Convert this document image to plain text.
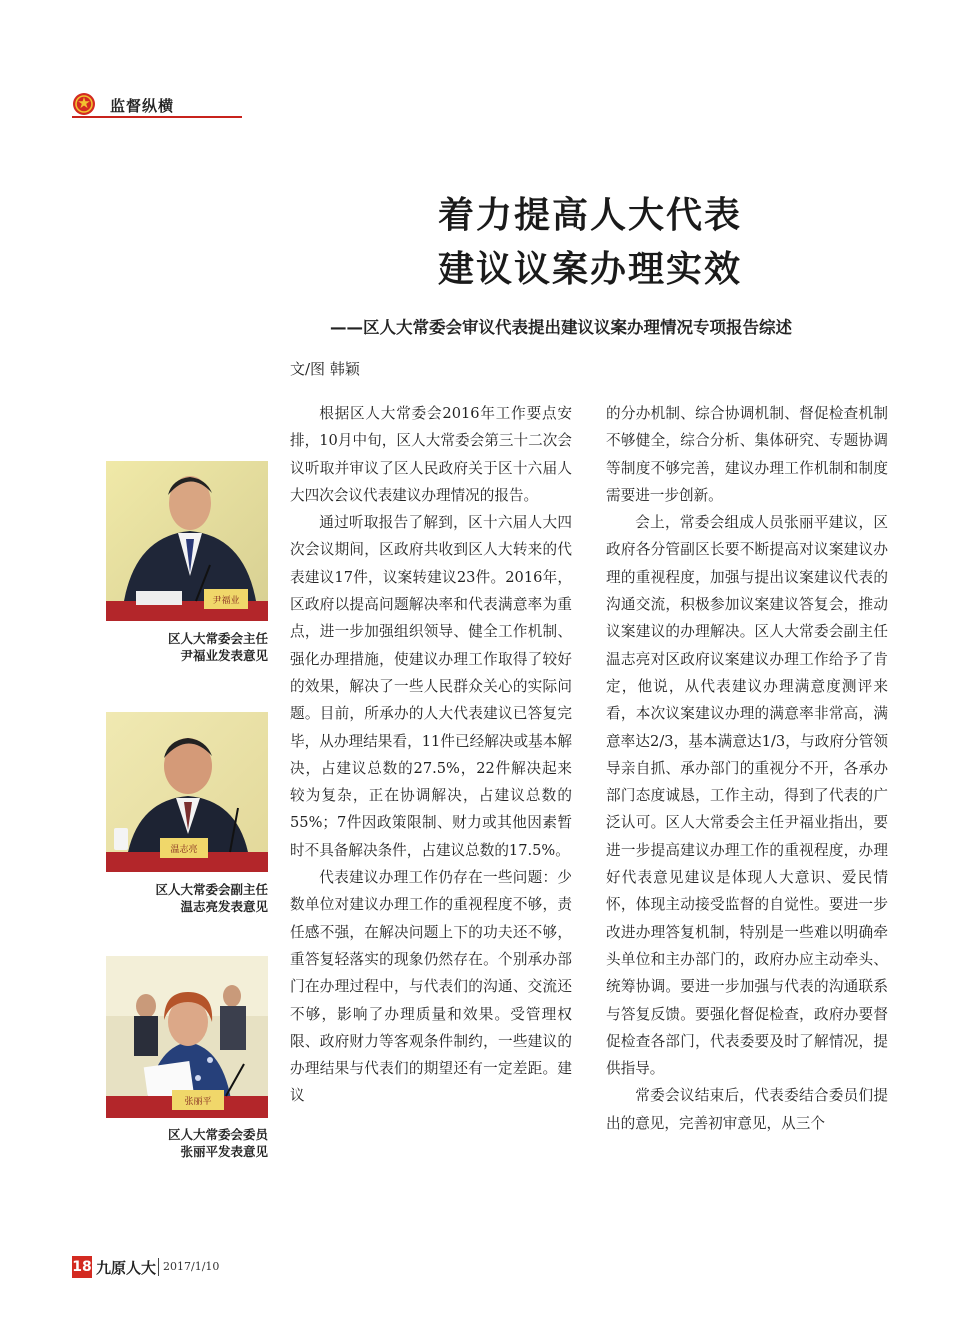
监督纵横
着力提高人大代表
建议议案办理实效
——区人大常委会审议代表提出建议议案办理情况专项报告综述
文/图 韩颖
尹福业
区人大常委会主任
尹福业发表意见
温志亮
区人大常委会副主任
温志亮发表意见
张丽平
区人大常委会委员
张丽平发表意见

根据区人大常委会2016年工作要点安排，10月中旬，区人大常委会第三十二次会议听取并审议了区人民政府关于区十六届人大四次会议代表建议办理情况的报告。

通过听取报告了解到，区十六届人大四次会议期间，区政府共收到区人大转来的代表建议17件，议案转建议23件。2016年，区政府以提高问题解决率和代表满意率为重点，进一步加强组织领导、健全工作机制、强化办理措施，使建议办理工作取得了较好的效果，解决了一些人民群众关心的实际问题。目前，所承办的人大代表建议已答复完毕，从办理结果看，11件已经解决或基本解决，占建议总数的27.5%，22件解决起来较为复杂，正在协调解决，占建议总数的55%；7件因政策限制、财力或其他因素暂时不具备解决条件，占建议总数的17.5%。

代表建议办理工作仍存在一些问题：少数单位对建议办理工作的重视程度不够，责任感不强，在解决问题上下的功夫还不够，重答复轻落实的现象仍然存在。个别承办部门在办理过程中，与代表们的沟通、交流还不够，影响了办理质量和效果。受管理权限、政府财力等客观条件制约，一些建议的办理结果与代表们的期望还有一定差距。建议

的分办机制、综合协调机制、督促检查机制不够健全，综合分析、集体研究、专题协调等制度不够完善，建议办理工作机制和制度需要进一步创新。

会上，常委会组成人员张丽平建议，区政府各分管副区长要不断提高对议案建议办理的重视程度，加强与提出议案建议代表的沟通交流，积极参加议案建议答复会，推动议案建议的办理解决。区人大常委会副主任温志亮对区政府议案建议办理工作给予了肯定，他说，从代表建议办理满意度测评来看，本次议案建议办理的满意率非常高，满意率达2/3，基本满意达1/3，与政府分管领导亲自抓、承办部门的重视分不开，各承办部门态度诚恳，工作主动，得到了代表的广泛认可。区人大常委会主任尹福业指出，要进一步提高建议办理工作的重视程度，办理好代表意见建议是体现人大意识、爱民情怀，体现主动接受监督的自觉性。要进一步改进办理答复机制，特别是一些难以明确牵头单位和主办部门的，政府办应主动牵头、统筹协调。要进一步加强与代表的沟通联系与答复反馈。要强化督促检查，政府办要督促检查各部门，代表委要及时了解情况，提供指导。

常委会议结束后，代表委结合委员们提出的意见，完善初审意见，从三个

18 九原人大 2017/1/10
